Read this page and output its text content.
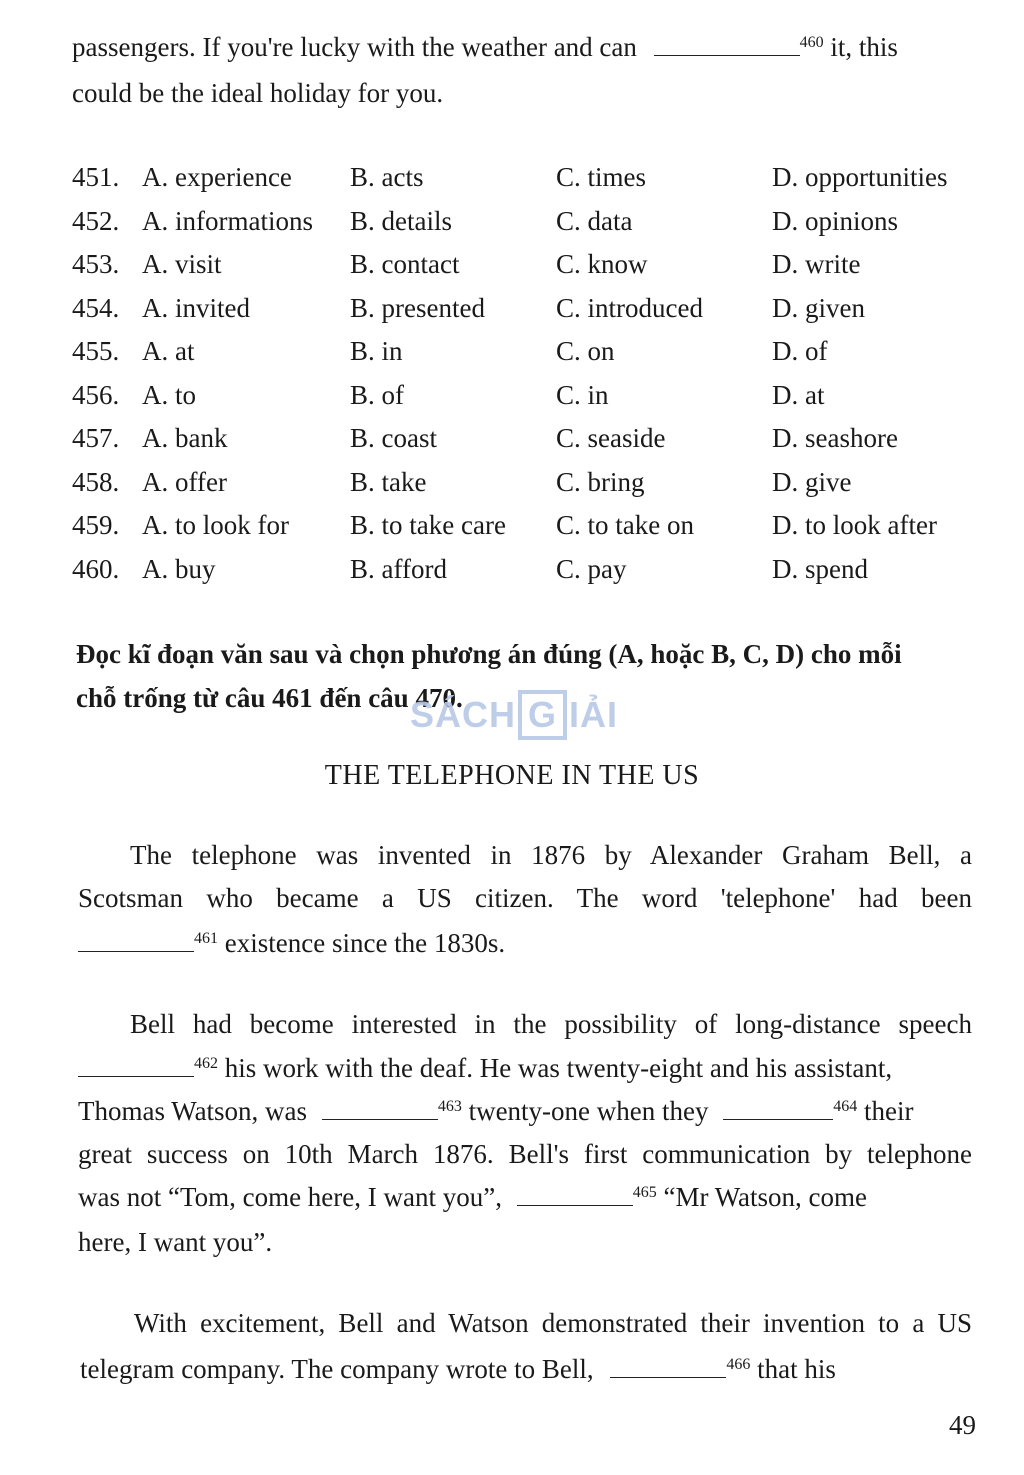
passengers. If you're lucky with the weather and can	$^{460}$ it, this
could be the ideal holiday for you.
451. A. experience B. acts	C. times	D. opportunities
452. A. informations B. details	C. data	D. opinions
453. A. visit	B. contact	C. know	D. write
454. A. invited	B. presented	C. introduced	D. given
455. A. at	B. in	C. on	D. of
456. A. to	B. of	C. in	D. at
457. A. bank	B. coast	C. seaside	D. seashore
458. A. offer	B. take	C. bring	D. give
459. A. to look for B. to take care C. to take on	D. to look after
460. A. buy	B. afford	C. pay	D. spend
Đọc kĩ đoạn văn sau và chọn phương án đúng (A, hoặc B, C, D) cho mỗi
chỗ trống từ câu 461 đến câu 470.
SÁCH G IẢI
THE TELEPHONE IN THE US
The telephone was invented in 1876 by Alexander Graham Bell, a
Scotsman who became a US citizen. The word 'telephone' had been
$^{461}$ existence since the 1830s.
Bell had become interested in the possibility of long-distance speech
$^{462}$ his work with the deaf. He was twenty-eight and his assistant,
Thomas Watson, was	$^{463}$ twenty-one when they	$^{464}$ their
great success on 10th March 1876. Bell's first communication by telephone
was not “Tom, come here, I want you”,	$^{465}$ “Mr Watson, come
here, I want you”.
With excitement, Bell and Watson demonstrated their invention to a US
telegram company. The company wrote to Bell,	$^{466}$ that his
49
